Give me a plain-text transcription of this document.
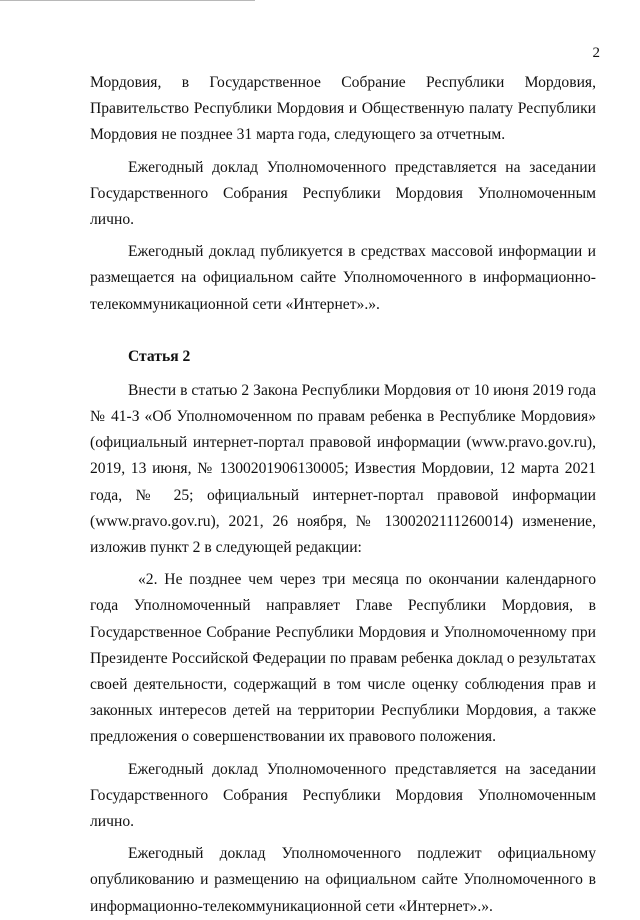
2

Мордовия, в Государственное Собрание Республики Мордовия, Правительство Республики Мордовия и Общественную палату Республики Мордовия не позднее 31 марта года, следующего за отчетным.

Ежегодный доклад Уполномоченного представляется на заседании Государственного Собрания Республики Мордовия Уполномоченным лично.

Ежегодный доклад публикуется в средствах массовой информации и размещается на официальном сайте Уполномоченного в информационно-телекоммуникационной сети «Интернет».».

Статья 2

Внести в статью 2 Закона Республики Мордовия от 10 июня 2019 года № 41-З «Об Уполномоченном по правам ребенка в Республике Мордовия» (официальный интернет-портал правовой информации (www.pravo.gov.ru), 2019, 13 июня, № 1300201906130005; Известия Мордовии, 12 марта 2021 года, № 25; официальный интернет-портал правовой информации (www.pravo.gov.ru), 2021, 26 ноября, № 1300202111260014) изменение, изложив пункт 2 в следующей редакции:

«2. Не позднее чем через три месяца по окончании календарного года Уполномоченный направляет Главе Республики Мордовия, в Государственное Собрание Республики Мордовия и Уполномоченному при Президенте Российской Федерации по правам ребенка доклад о результатах своей деятельности, содержащий в том числе оценку соблюдения прав и законных интересов детей на территории Республики Мордовия, а также предложения о совершенствовании их правового положения.

Ежегодный доклад Уполномоченного представляется на заседании Государственного Собрания Республики Мордовия Уполномоченным лично.

Ежегодный доклад Уполномоченного подлежит официальному опубликованию и размещению на официальном сайте Уполномоченного в информационно-телекоммуникационной сети «Интернет».».
